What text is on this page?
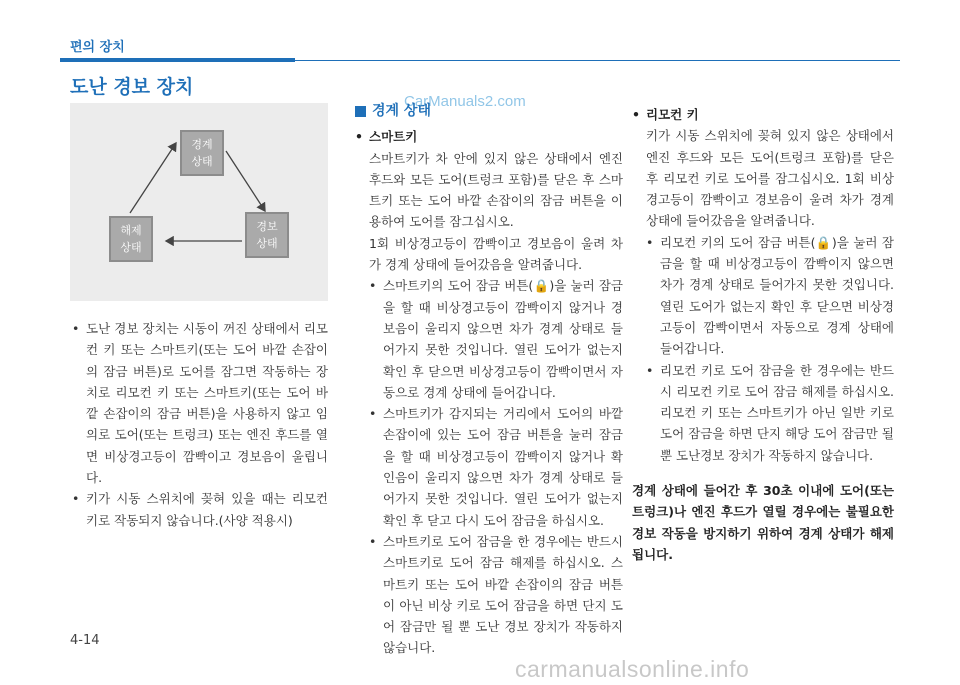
편의 장치
도난 경보 장치
CarManuals2.com
경계
상태
경보
상태
해제
상태
• 도난 경보 장치는 시동이 꺼진 상태에서 리모컨 키 또는 스마트키(또는 도어 바깥 손잡이의 잠금 버튼)로 도어를 잠그면 작동하는 장치로 리모컨 키 또는 스마트키(또는 도어 바깥 손잡이의 잠금 버튼)을 사용하지 않고 임의로 도어(또는 트렁크) 또는 엔진 후드를 열면 비상경고등이 깜빡이고 경보음이 울립니다.
• 키가 시동 스위치에 꽂혀 있을 때는 리모컨 키로 작동되지 않습니다.(사양 적용시)
경계 상태
• 스마트키
스마트키가 차 안에 있지 않은 상태에서 엔진 후드와 모든 도어(트렁크 포함)를 닫은 후 스마트키 또는 도어 바깥 손잡이의 잠금 버튼을 이용하여 도어를 잠그십시오.
1회 비상경고등이 깜빡이고 경보음이 울려 차가 경계 상태에 들어갔음을 알려줍니다.
• 스마트키의 도어 잠금 버튼(🔒)을 눌러 잠금을 할 때 비상경고등이 깜빡이지 않거나 경보음이 울리지 않으면 차가 경계 상태로 들어가지 못한 것입니다. 열린 도어가 없는지 확인 후 닫으면 비상경고등이 깜빡이면서 자동으로 경계 상태에 들어갑니다.
• 스마트키가 감지되는 거리에서 도어의 바깥 손잡이에 있는 도어 잠금 버튼을 눌러 잠금을 할 때 비상경고등이 깜빡이지 않거나 확인음이 울리지 않으면 차가 경계 상태로 들어가지 못한 것입니다. 열린 도어가 없는지 확인 후 닫고 다시 도어 잠금을 하십시오.
• 스마트키로 도어 잠금을 한 경우에는 반드시 스마트키로 도어 잠금 해제를 하십시오. 스마트키 또는 도어 바깥 손잡이의 잠금 버튼이 아닌 비상 키로 도어 잠금을 하면 단지 도어 잠금만 될 뿐 도난 경보 장치가 작동하지 않습니다.
• 리모컨 키
키가 시동 스위치에 꽂혀 있지 않은 상태에서 엔진 후드와 모든 도어(트렁크 포함)를 닫은 후 리모컨 키로 도어를 잠그십시오. 1회 비상경고등이 깜빡이고 경보음이 울려 차가 경계 상태에 들어갔음을 알려줍니다.
• 리모컨 키의 도어 잠금 버튼(🔒)을 눌러 잠금을 할 때 비상경고등이 깜빡이지 않으면 차가 경계 상태로 들어가지 못한 것입니다. 열린 도어가 없는지 확인 후 닫으면 비상경고등이 깜빡이면서 자동으로 경계 상태에 들어갑니다.
• 리모컨 키로 도어 잠금을 한 경우에는 반드시 리모컨 키로 도어 잠금 해제를 하십시오. 리모컨 키 또는 스마트키가 아닌 일반 키로 도어 잠금을 하면 단지 해당 도어 잠금만 될 뿐 도난경보 장치가 작동하지 않습니다.
경계 상태에 들어간 후 30초 이내에 도어(또는 트렁크)나 엔진 후드가 열릴 경우에는 불필요한 경보 작동을 방지하기 위하여 경계 상태가 해제됩니다.
4-14
carmanualsonline.info
